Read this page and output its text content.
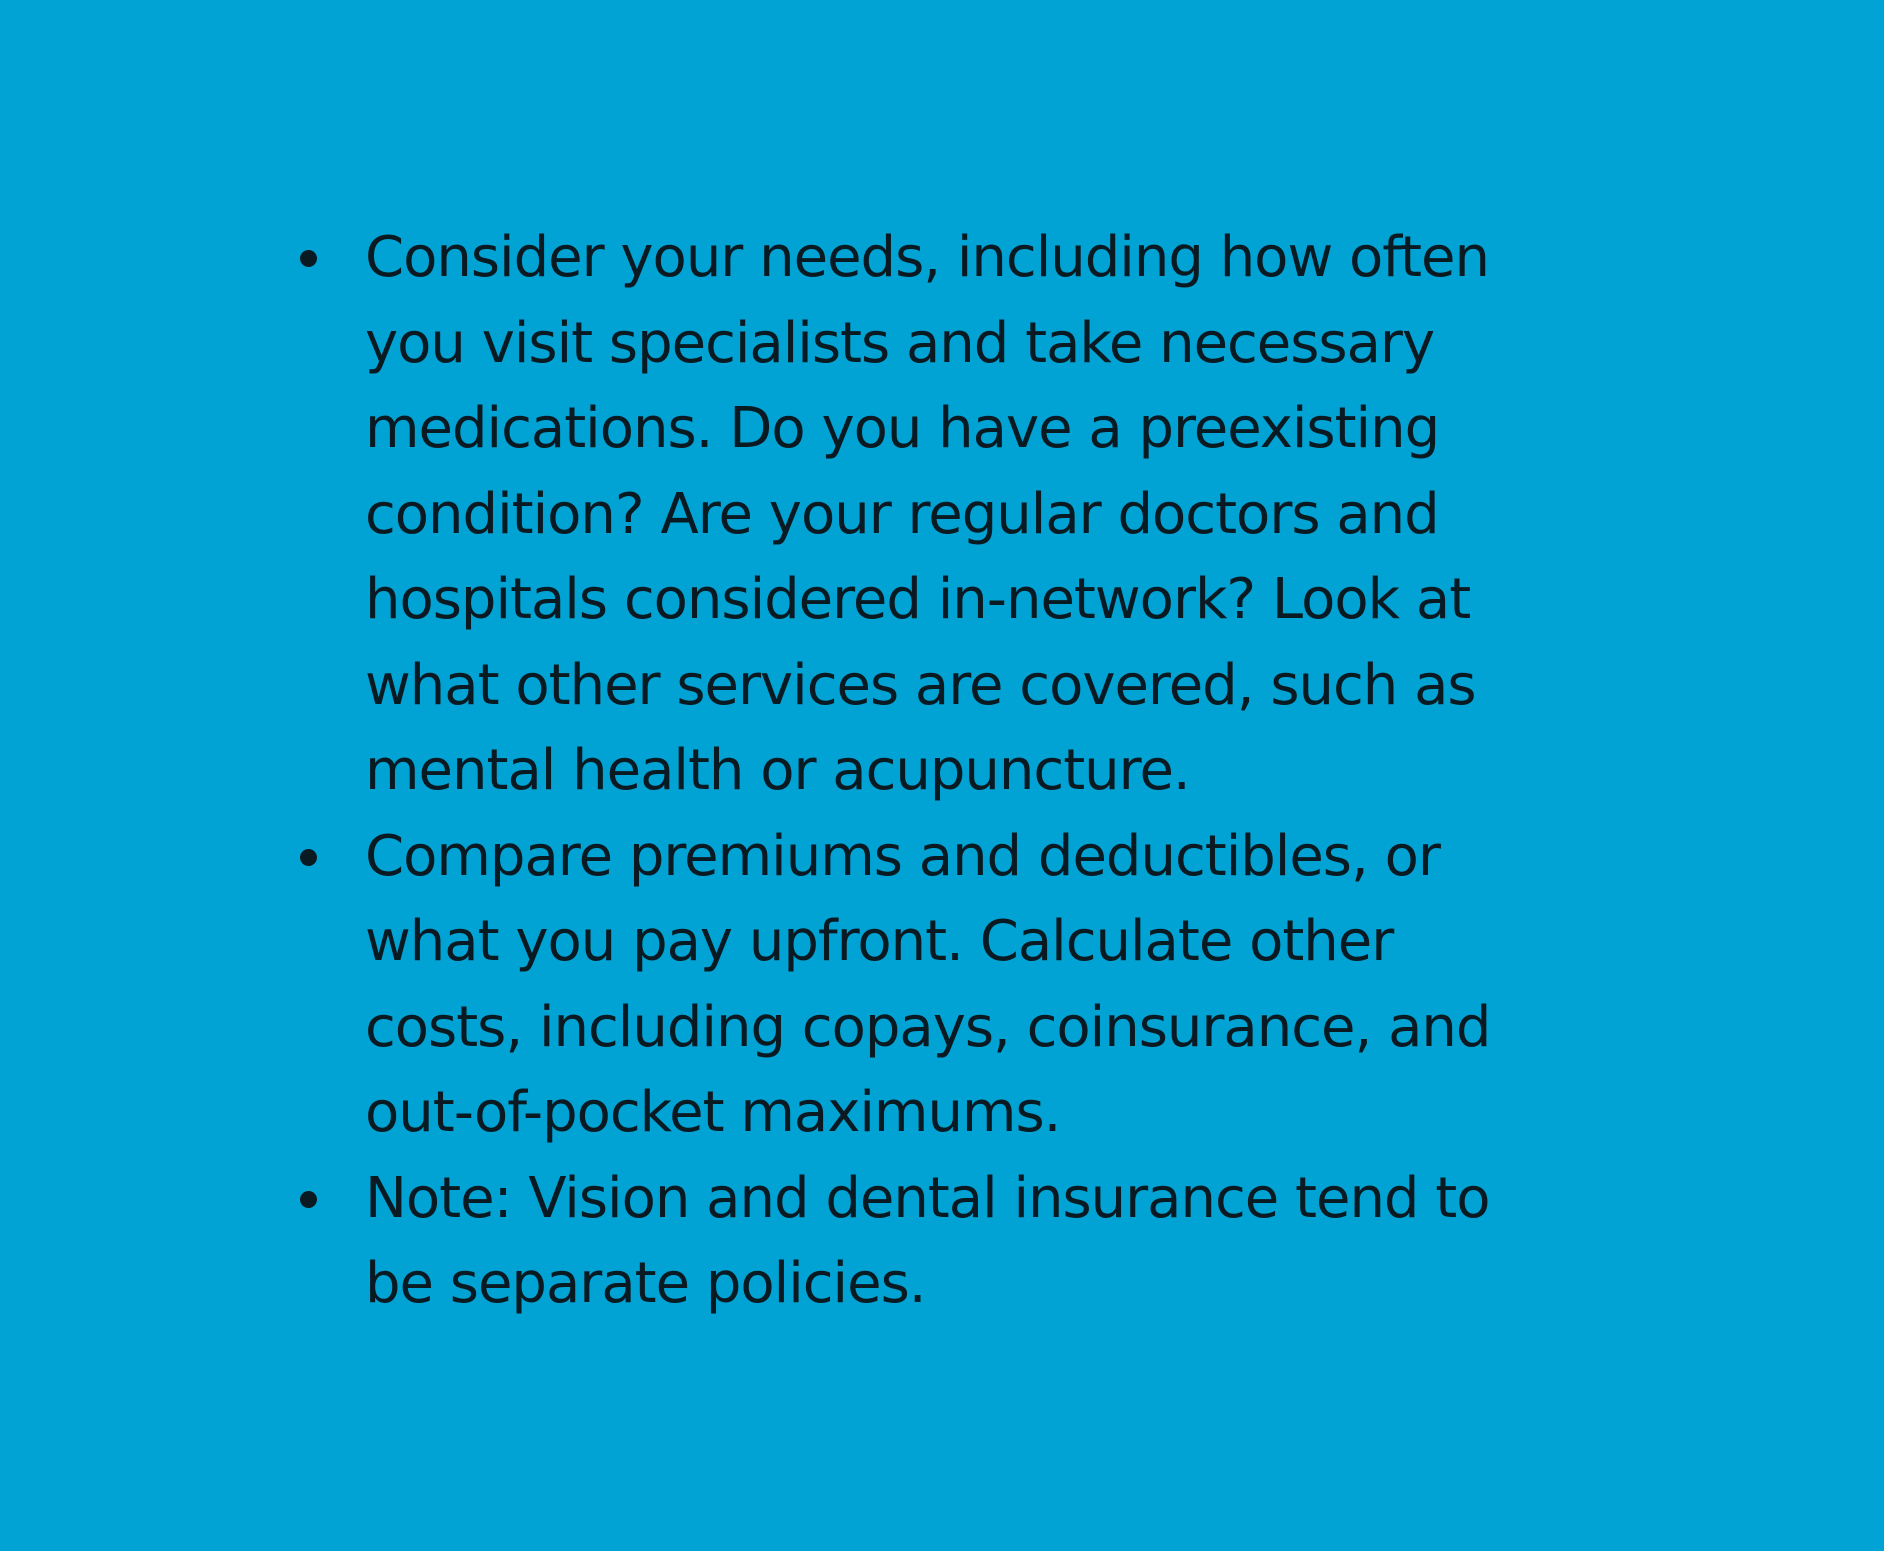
Consider your needs, including how often
you visit specialists and take necessary
medications. Do you have a preexisting
condition? Are your regular doctors and
hospitals considered in-network? Look at
what other services are covered, such as
mental health or acupuncture.
Compare premiums and deductibles, or
what you pay upfront. Calculate other
costs, including copays, coinsurance, and
out-of-pocket maximums.
Note: Vision and dental insurance tend to
be separate policies.
